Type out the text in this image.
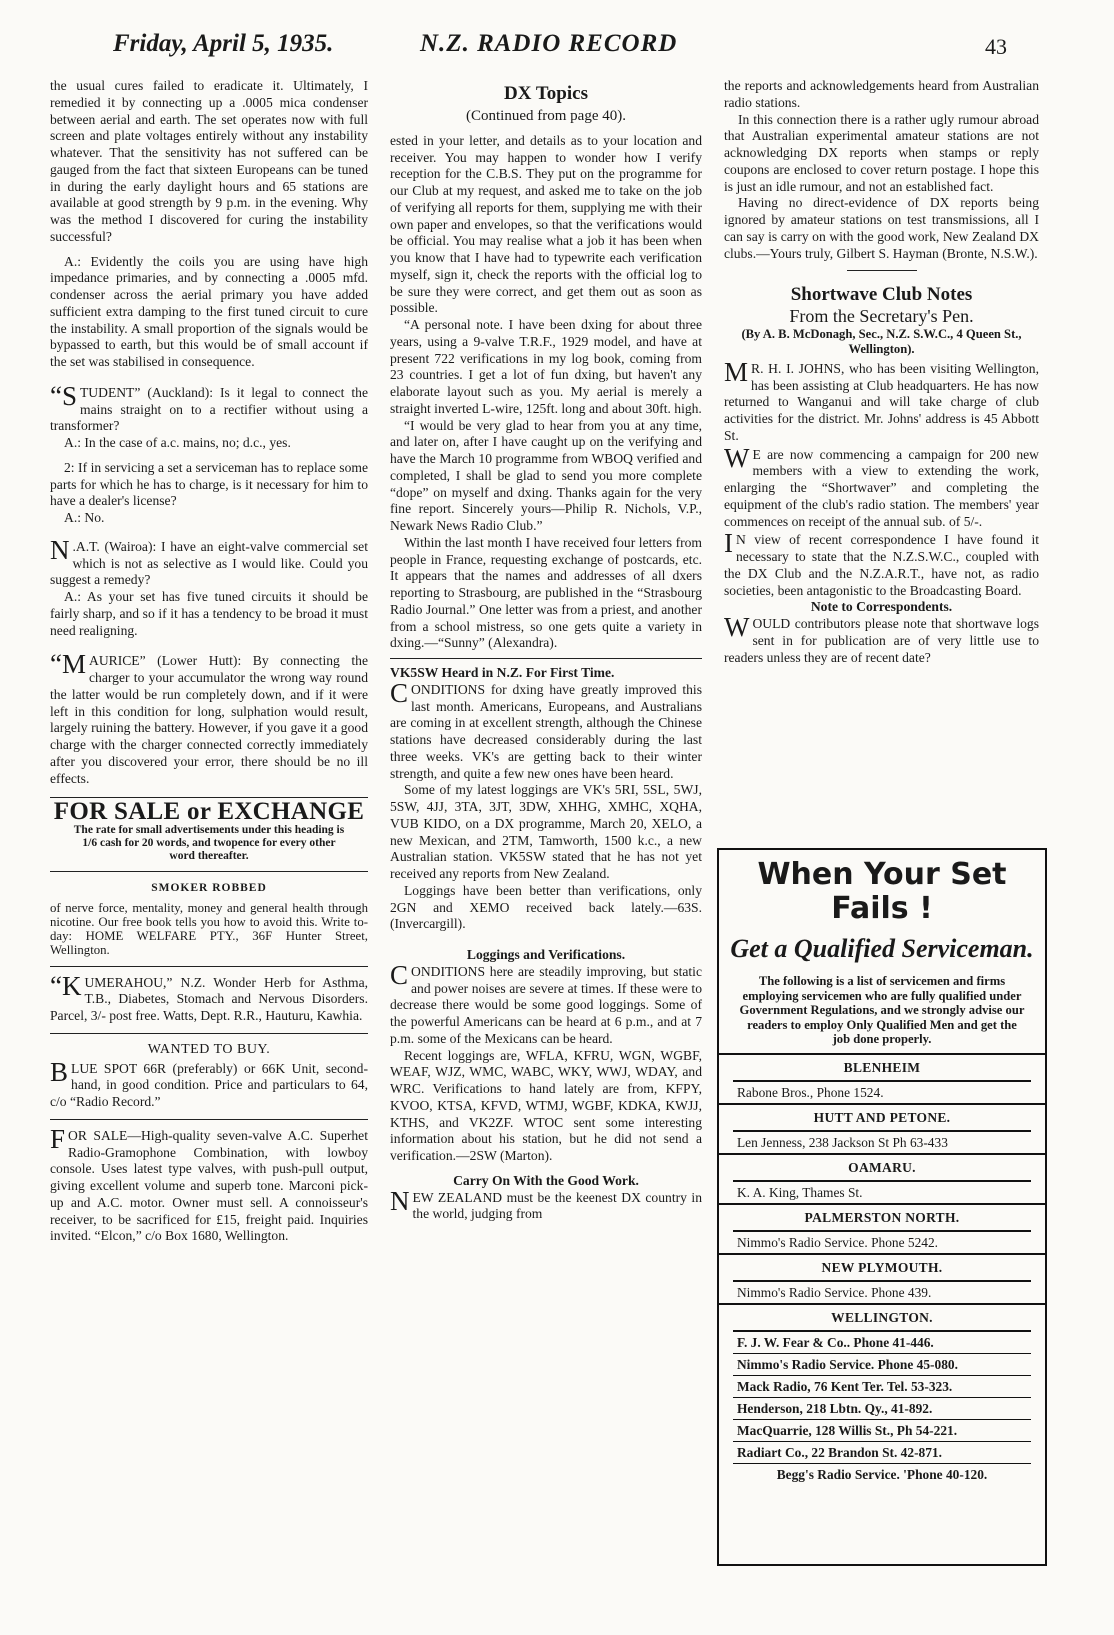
Friday, April 5, 1935.	N.Z. RADIO RECORD	43

the usual cures failed to eradicate it. Ultimately, I remedied it by connecting up a .0005 mica condenser between aerial and earth. The set operates now with full screen and plate voltages entirely without any instability whatever. That the sensitivity has not suffered can be gauged from the fact that sixteen Europeans can be tuned in during the early daylight hours and 65 stations are available at good strength by 9 p.m. in the evening. Why was the method I discovered for curing the instability successful?

A.: Evidently the coils you are using have high impedance primaries, and by connecting a .0005 mfd. condenser across the aerial primary you have added sufficient extra damping to the first tuned circuit to cure the instability. A small proportion of the signals would be bypassed to earth, but this would be of small account if the set was stabilised in consequence.

“STUDENT” (Auckland): Is it legal to connect the mains straight on to a rectifier without using a transformer?

A.: In the case of a.c. mains, no; d.c., yes.

2: If in servicing a set a serviceman has to replace some parts for which he has to charge, is it necessary for him to have a dealer's license?

A.: No.

N .A.T. (Wairoa): I have an eight-valve commercial set which is not as selective as I would like. Could you suggest a remedy?

A.: As your set has five tuned circuits it should be fairly sharp, and so if it has a tendency to be broad it must need realigning.

“MAURICE” (Lower Hutt): By connecting the charger to your accumulator the wrong way round the latter would be run completely down, and if it were left in this condition for long, sulphation would result, largely ruining the battery. However, if you gave it a good charge with the charger connected correctly immediately after you discovered your error, there should be no ill effects.

FOR SALE or EXCHANGE
The rate for small advertisements under this heading is 1/6 cash for 20 words, and twopence for every other word thereafter.
SMOKER ROBBED

of nerve force, mentality, money and general health through nicotine. Our free book tells you how to avoid this. Write to-day: HOME WELFARE PTY., 36F Hunter Street, Wellington.

“KUMERAHOU,” N.Z. Wonder Herb for Asthma, T.B., Diabetes, Stomach and Nervous Disorders. Parcel, 3/- post free. Watts, Dept. R.R., Hauturu, Kawhia.

WANTED TO BUY.

BLUE SPOT 66R (preferably) or 66K Unit, second-hand, in good condition. Price and particulars to 64, c/o “Radio Record.”

FOR SALE—High-quality seven-valve A.C. Superhet Radio-Gramophone Combination, with lowboy console. Uses latest type valves, with push-pull output, giving excellent volume and superb tone. Marconi pick-up and A.C. motor. Owner must sell. A connoisseur's receiver, to be sacrificed for £15, freight paid. Inquiries invited. “Elcon,” c/o Box 1680, Wellington.

DX Topics
(Continued from page 40).

ested in your letter, and details as to your location and receiver. You may happen to wonder how I verify reception for the C.B.S. They put on the programme for our Club at my request, and asked me to take on the job of verifying all reports for them, supplying me with their own paper and envelopes, so that the verifications would be official. You may realise what a job it has been when you know that I have had to typewrite each verification myself, sign it, check the reports with the official log to be sure they were correct, and get them out as soon as possible.

“A personal note. I have been dxing for about three years, using a 9-valve T.R.F., 1929 model, and have at present 722 verifications in my log book, coming from 23 countries. I get a lot of fun dxing, but haven't any elaborate layout such as you. My aerial is merely a straight inverted L-wire, 125ft. long and about 30ft. high.

“I would be very glad to hear from you at any time, and later on, after I have caught up on the verifying and have the March 10 programme from WBOQ verified and completed, I shall be glad to send you more complete “dope” on myself and dxing. Thanks again for the very fine report. Sincerely yours—Philip R. Nichols, V.P., Newark News Radio Club.”

Within the last month I have received four letters from people in France, requesting exchange of postcards, etc. It appears that the names and addresses of all dxers reporting to Strasbourg, are published in the “Strasbourg Radio Journal.” One letter was from a priest, and another from a school mistress, so one gets quite a variety in dxing.—“Sunny” (Alexandra).

VK5SW Heard in N.Z. For First Time.

CONDITIONS for dxing have greatly improved this last month. Americans, Europeans, and Australians are coming in at excellent strength, although the Chinese stations have decreased considerably during the last three weeks. VK's are getting back to their winter strength, and quite a few new ones have been heard.

Some of my latest loggings are VK's 5RI, 5SL, 5WJ, 5SW, 4JJ, 3TA, 3JT, 3DW, XHHG, XMHC, XQHA, VUB KIDO, on a DX programme, March 20, XELO, a new Mexican, and 2TM, Tamworth, 1500 k.c., a new Australian station. VK5SW stated that he has not yet received any reports from New Zealand.

Loggings have been better than verifications, only 2GN and XEMO received back lately.—63S. (Invercargill).

Loggings and Verifications.

CONDITIONS here are steadily improving, but static and power noises are severe at times. If these were to decrease there would be some good loggings. Some of the powerful Americans can be heard at 6 p.m., and at 7 p.m. some of the Mexicans can be heard.

Recent loggings are, WFLA, KFRU, WGN, WGBF, WEAF, WJZ, WMC, WABC, WKY, WWJ, WDAY, and WRC. Verifications to hand lately are from, KFPY, KVOO, KTSA, KFVD, WTMJ, WGBF, KDKA, KWJJ, KTHS, and VK2ZF. WTOC sent some interesting information about his station, but he did not send a verification.—2SW (Marton).

Carry On With the Good Work.

NEW ZEALAND must be the keenest DX country in the world, judging from

the reports and acknowledgements heard from Australian radio stations.

In this connection there is a rather ugly rumour abroad that Australian experimental amateur stations are not acknowledging DX reports when stamps or reply coupons are enclosed to cover return postage. I hope this is just an idle rumour, and not an established fact.

Having no direct-evidence of DX reports being ignored by amateur stations on test transmissions, all I can say is carry on with the good work, New Zealand DX clubs.—Yours truly, Gilbert S. Hayman (Bronte, N.S.W.).

Shortwave Club Notes
From the Secretary's Pen.
(By A. B. McDonagh, Sec., N.Z. S.W.C., 4 Queen St., Wellington).

M R. H. I. JOHNS, who has been visiting Wellington, has been assisting at Club headquarters. He has now returned to Wanganui and will take charge of club activities for the district. Mr. Johns' address is 45 Abbott St.

W E are now commencing a campaign for 200 new members with a view to extending the work, enlarging the “Shortwaver” and completing the equipment of the club's radio station. The members' year commences on receipt of the annual sub. of 5/-.

I N view of recent correspondence I have found it necessary to state that the N.Z.S.W.C., coupled with the DX Club and the N.Z.A.R.T., have not, as radio societies, been antagonistic to the Broadcasting Board.

Note to Correspondents.

WOULD contributors please note that shortwave logs sent in for publication are of very little use to readers unless they are of recent date?

When Your Set Fails !
Get a Qualified Serviceman.
The following is a list of servicemen and firms employing servicemen who are fully qualified under Government Regulations, and we strongly advise our readers to employ Only Qualified Men and get the job done properly.
BLENHEIM
Rabone Bros., Phone 1524.
HUTT AND PETONE.
Len Jenness, 238 Jackson St Ph 63-433
OAMARU.
K. A. King, Thames St.
PALMERSTON NORTH.
Nimmo's Radio Service. Phone 5242.
NEW PLYMOUTH.
Nimmo's Radio Service. Phone 439.
WELLINGTON.
F. J. W. Fear & Co.. Phone 41-446.
Nimmo's Radio Service. Phone 45-080.
Mack Radio, 76 Kent Ter. Tel. 53-323.
Henderson, 218 Lbtn. Qy., 41-892.
MacQuarrie, 128 Willis St., Ph 54-221.
Radiart Co., 22 Brandon St. 42-871.
Begg's Radio Service. 'Phone 40-120.
